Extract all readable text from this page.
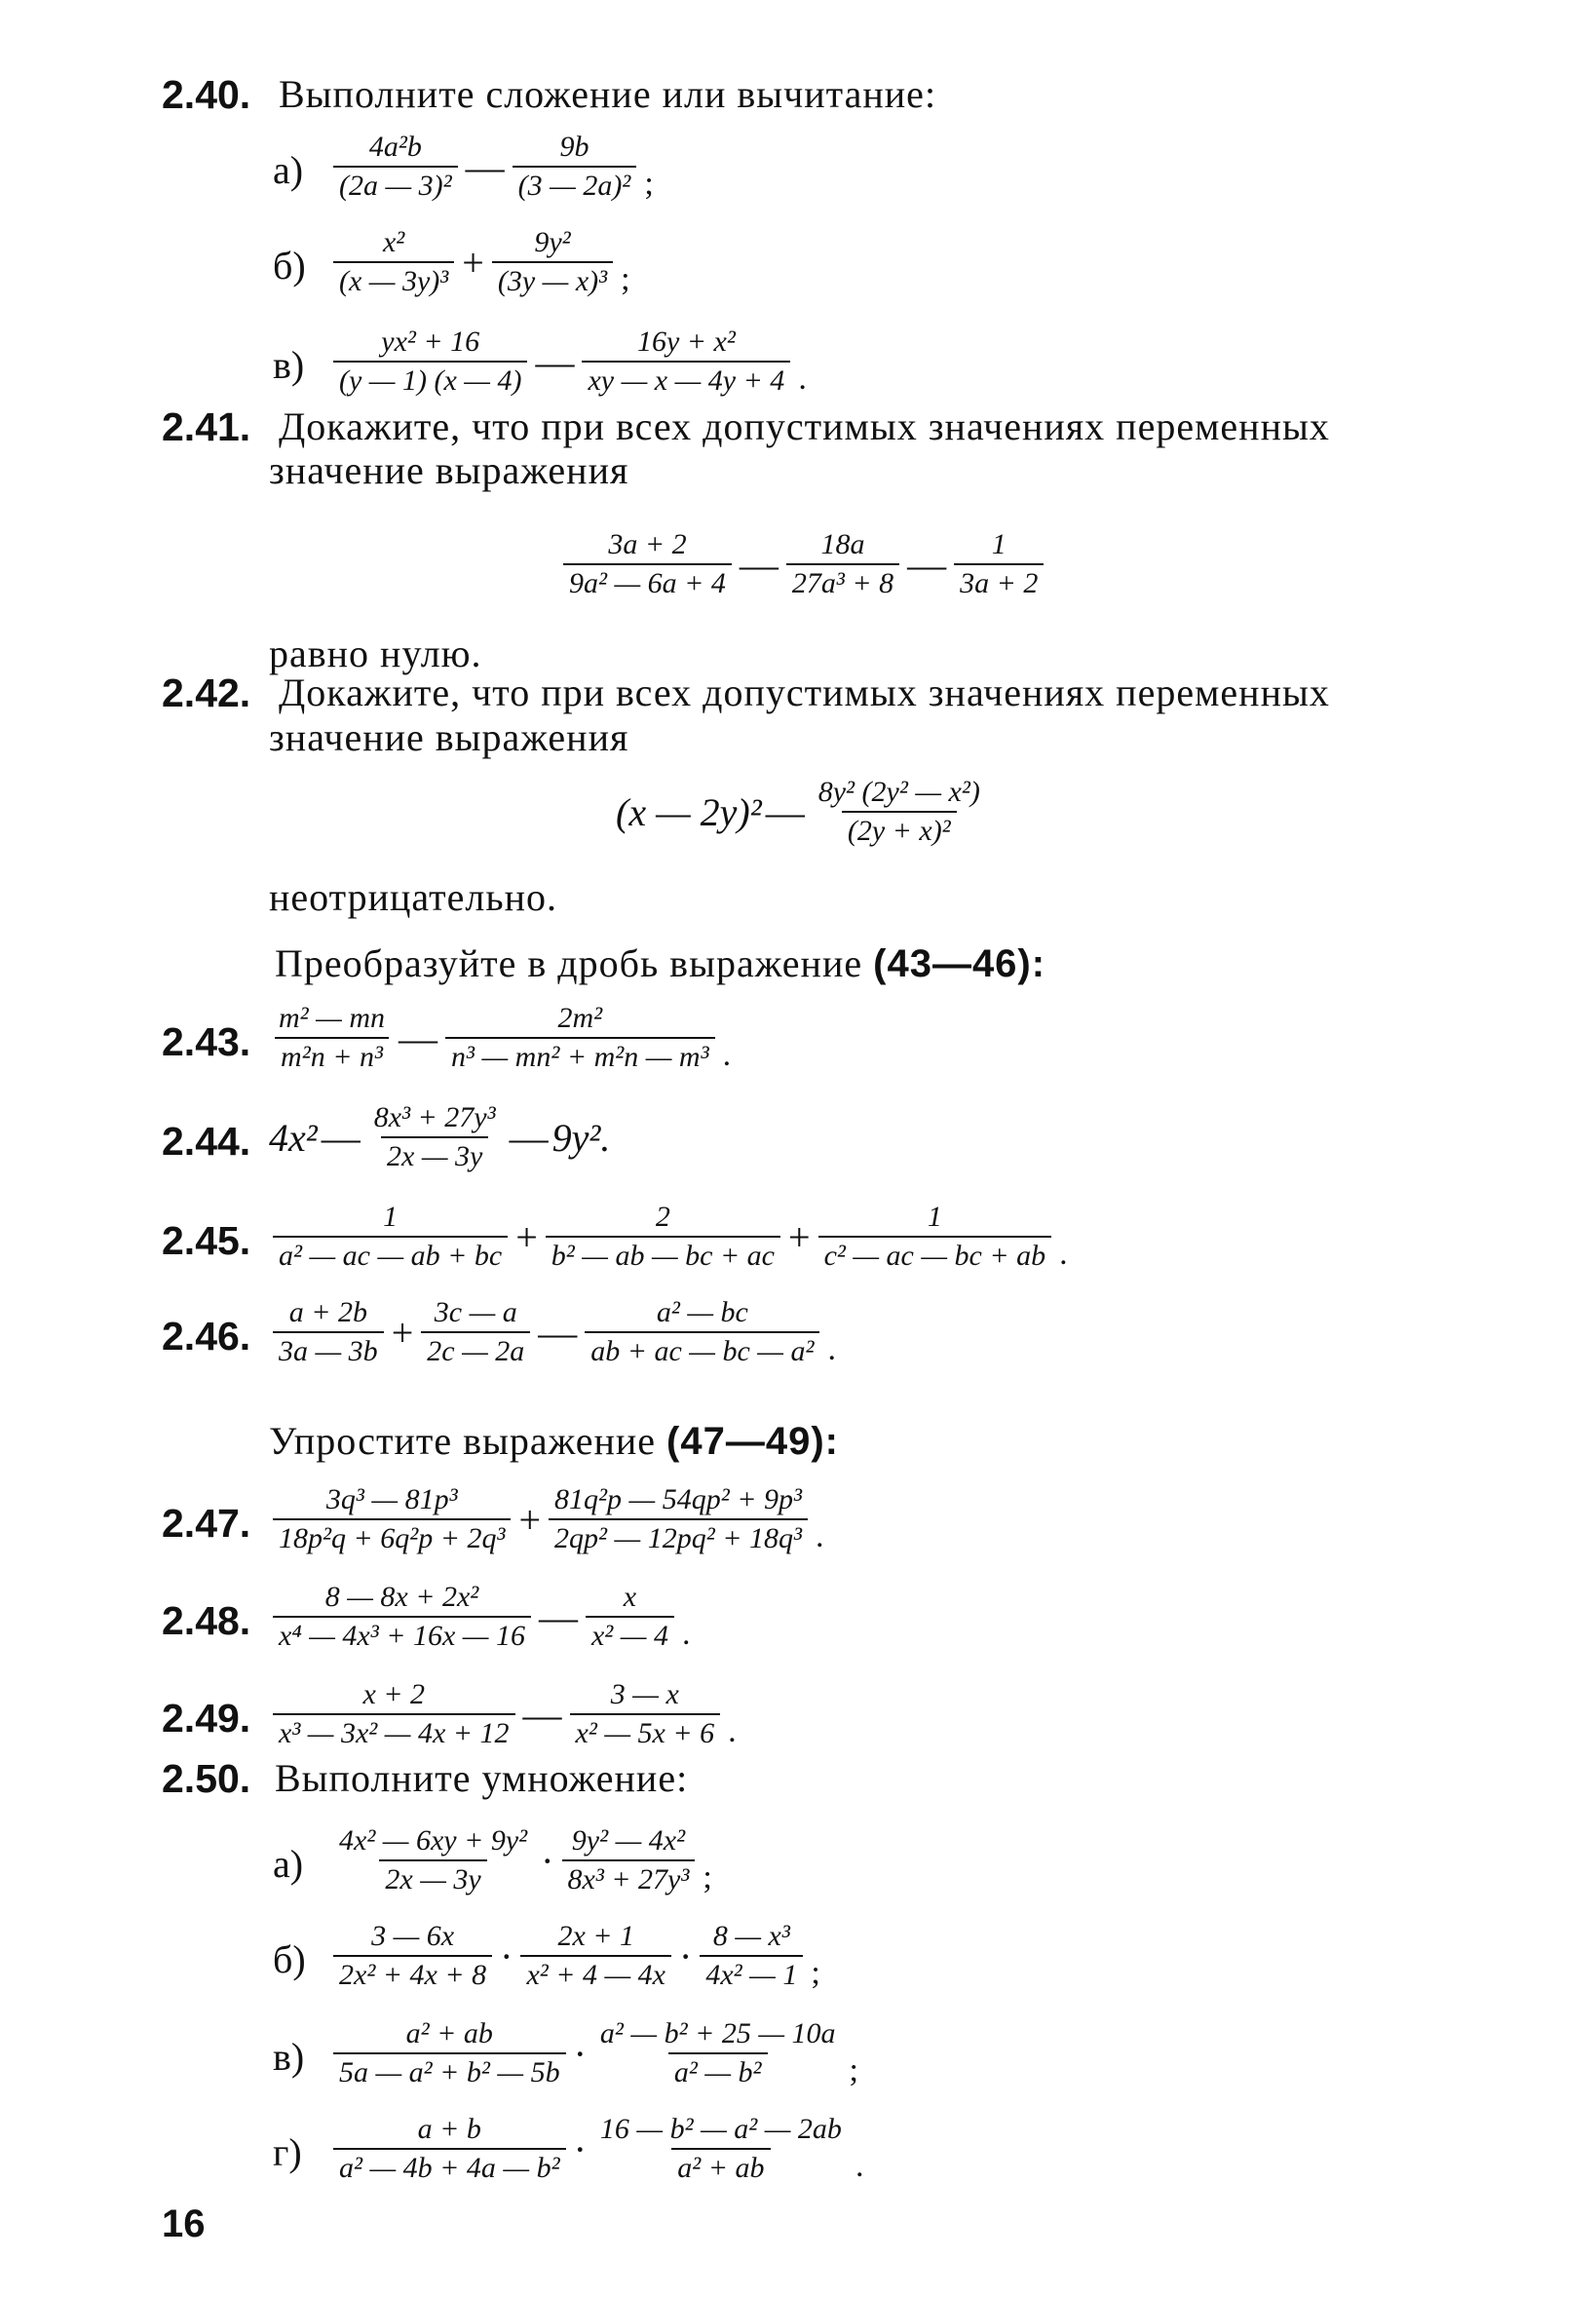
2.40. Выполните сложение или вычитание:
$а) \frac{\text{4a²b}}{\text{(2a — 3)²}}$ — $\frac{9b}{\text{(3 — 2a)²}}$ ;
$б) \frac{\text{x²}}{\text{(x — 3y)³}} + \frac{\text{9y²}}{\text{(3y — x)³}}$ ;
$в) \frac{\text{yx² + 16}}{(y — 1) (x — 4)}$ — $\frac{\text{16y + x²}}{xy — x — 4y + 4}$ .
2.41. Докажите, что при всех допустимых значениях переменных
значение выражения
$\frac{3a + 2}{\text{9a² — 6a + 4}}$ — $\frac{18a}{\text{27a³ + 8}}$ — $\frac{1}{3a + 2}$
равно нулю.
2.42. Докажите, что при всех допустимых значениях переменных
значение выражения
(x — 2y)² — $\frac{\text{8y² (2y² — x²)}}{\text{(2y + x)²}}$
неотрицательно.
Преобразуйте в дробь выражение (43—46):
2.43. $\frac{\text{m² — mn}}{\text{m²n + n³}}$ — $\frac{\text{2m²}}{\text{n³ — mn² + m²n — m³}}$ .
2.44. 4x² — $\frac{\text{8x³ + 27y³}}{2x — 3y}$ — 9y².
2.45. $\frac{1}{\text{a² — ac — ab + bc}} + \frac{2}{\text{b² — ab — bc + ac}} + \frac{1}{\text{c² — ac — bc + ab}}$ .
2.46. $\frac{a + 2b}{3a — 3b} + \frac{3c — a}{2c — 2a}$ — $\frac{\text{a² — bc}}{\text{ab + ac — bc — a²}}$ .
Упростите выражение (47—49):
2.47. $\frac{\text{3q³ — 81p³}}{\text{18p²q + 6q²p + 2q³}} + \frac{\text{81q²p — 54qp² + 9p³}}{\text{2qp² — 12pq² + 18q³}}$ .
2.48. $\frac{\text{8 — 8x + 2x²}}{\text{x⁴ — 4x³ + 16x — 16}}$ — $\frac{x}{\text{x² — 4}}$ .
2.49. $\frac{x + 2}{\text{x³ — 3x² — 4x + 12}}$ — $\frac{3 — x}{\text{x² — 5x + 6}}$ .
2.50. Выполните умножение:
$а) \frac{\text{4x² — 6xy + 9y²}}{2x — 3y} \cdot \frac{\text{9y² — 4x²}}{\text{8x³ + 27y³}}$ ;
$б) \frac{3 — 6x}{\text{2x² + 4x + 8}} \cdot \frac{2x + 1}{\text{x² + 4 — 4x}} \cdot \frac{\text{8 — x³}}{\text{4x² — 1}}$ ;
$в) \frac{\text{a² + ab}}{\text{5a — a² + b² — 5b}} \cdot \frac{\text{a² — b² + 25 — 10a}}{\text{a² — b²}}$ ;
$г) \frac{a + b}{\text{a² — 4b + 4a — b²}} \cdot \frac{\text{16 — b² — a² — 2ab}}{\text{a² + ab}}$ .
16
